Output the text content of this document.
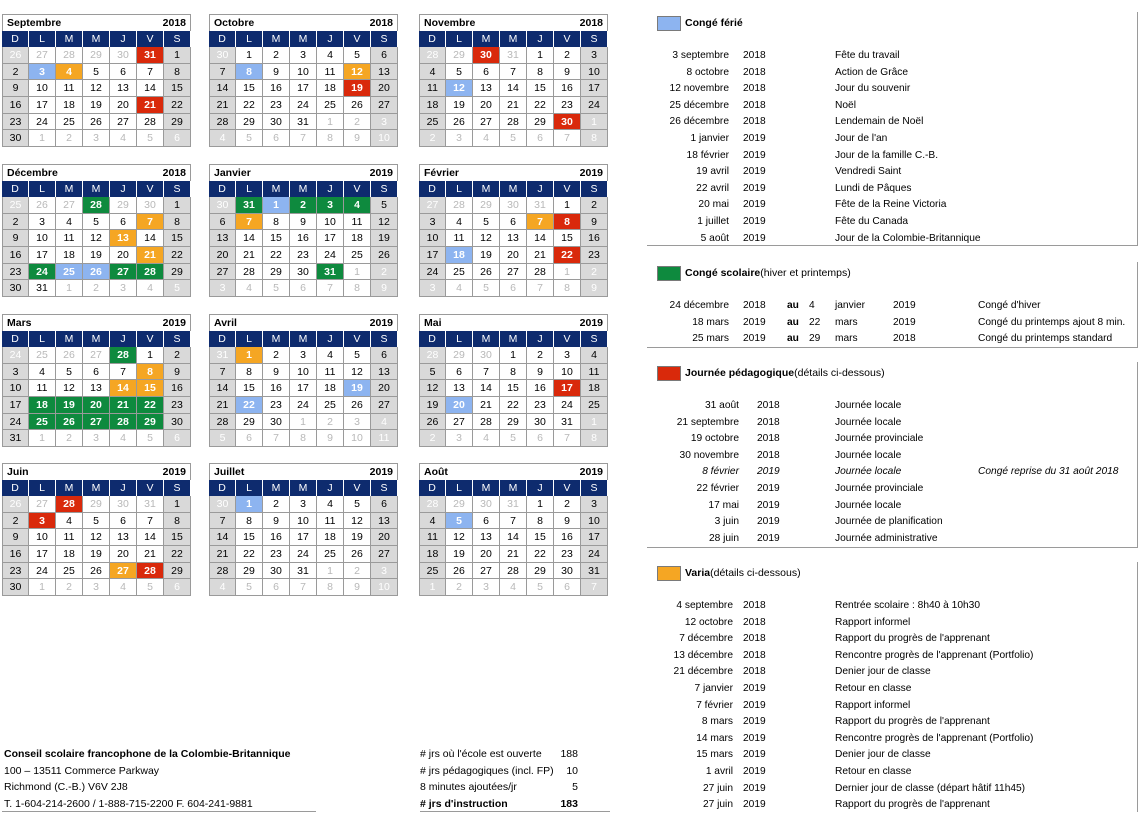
Septembre	2018
D	L	M	M	J	V	S
26	27	28	29	30	31	1
2	3	4	5	6	7	8
9	10	11	12	13	14	15
16	17	18	19	20	21	22
23	24	25	26	27	28	29
30	1	2	3	4	5	6
Octobre	2018
D	L	M	M	J	V	S
30	1	2	3	4	5	6
7	8	9	10	11	12	13
14	15	16	17	18	19	20
21	22	23	24	25	26	27
28	29	30	31	1	2	3
4	5	6	7	8	9	10
Novembre	2018
D	L	M	M	J	V	S
28	29	30	31	1	2	3
4	5	6	7	8	9	10
11	12	13	14	15	16	17
18	19	20	21	22	23	24
25	26	27	28	29	30	1
2	3	4	5	6	7	8
Décembre	2018
D	L	M	M	J	V	S
25	26	27	28	29	30	1
2	3	4	5	6	7	8
9	10	11	12	13	14	15
16	17	18	19	20	21	22
23	24	25	26	27	28	29
30	31	1	2	3	4	5
Janvier	2019
D	L	M	M	J	V	S
30	31	1	2	3	4	5
6	7	8	9	10	11	12
13	14	15	16	17	18	19
20	21	22	23	24	25	26
27	28	29	30	31	1	2
3	4	5	6	7	8	9
Février	2019
D	L	M	M	J	V	S
27	28	29	30	31	1	2
3	4	5	6	7	8	9
10	11	12	13	14	15	16
17	18	19	20	21	22	23
24	25	26	27	28	1	2
3	4	5	6	7	8	9
Mars	2019
D	L	M	M	J	V	S
24	25	26	27	28	1	2
3	4	5	6	7	8	9
10	11	12	13	14	15	16
17	18	19	20	21	22	23
24	25	26	27	28	29	30
31	1	2	3	4	5	6
Avril	2019
D	L	M	M	J	V	S
31	1	2	3	4	5	6
7	8	9	10	11	12	13
14	15	16	17	18	19	20
21	22	23	24	25	26	27
28	29	30	1	2	3	4
5	6	7	8	9	10	11
Mai	2019
D	L	M	M	J	V	S
28	29	30	1	2	3	4
5	6	7	8	9	10	11
12	13	14	15	16	17	18
19	20	21	22	23	24	25
26	27	28	29	30	31	1
2	3	4	5	6	7	8
Juin	2019
D	L	M	M	J	V	S
26	27	28	29	30	31	1
2	3	4	5	6	7	8
9	10	11	12	13	14	15
16	17	18	19	20	21	22
23	24	25	26	27	28	29
30	1	2	3	4	5	6
Juillet	2019
D	L	M	M	J	V	S
30	1	2	3	4	5	6
7	8	9	10	11	12	13
14	15	16	17	18	19	20
21	22	23	24	25	26	27
28	29	30	31	1	2	3
4	5	6	7	8	9	10
Août	2019
D	L	M	M	J	V	S
28	29	30	31	1	2	3
4	5	6	7	8	9	10
11	12	13	14	15	16	17
18	19	20	21	22	23	24
25	26	27	28	29	30	31
1	2	3	4	5	6	7
Congé férié
3 septembre 2018	Fête du travail
8 octobre 2018	Action de Grâce
12 novembre 2018	Jour du souvenir
25 décembre 2018	Noël
26 décembre 2018	Lendemain de Noël
1 janvier 2019	Jour de l'an
18 février 2019	Jour de la famille C.-B.
19 avril 2019	Vendredi Saint
22 avril 2019	Lundi de Pâques
20 mai 2019	Fête de la Reine Victoria
1 juillet 2019	Fête du Canada
5 août 2019	Jour de la Colombie-Britannique
Congé scolaire (hiver et printemps)
24 décembre 2018 au 4 janvier	2019	Congé d'hiver
18 mars 2019 au 22 mars	2019	Congé du printemps ajout 8 min.
25 mars 2019 au 29 mars	2018	Congé du printemps standard
Journée pédagogique (détails ci-dessous)
31 août 2018	Journée locale
21 septembre 2018	Journée locale
19 octobre 2018	Journée provinciale
30 novembre 2018	Journée locale
8 février 2019	Journée locale	Congé reprise du 31 août 2018
22 février 2019	Journée provinciale
17 mai 2019	Journée locale
3 juin 2019	Journée de planification
28 juin 2019	Journée administrative
Varia (détails ci-dessous)
4 septembre 2018	Rentrée scolaire : 8h40 à 10h30
12 octobre 2018	Rapport informel
7 décembre 2018	Rapport du progrès de l'apprenant
13 décembre 2018	Rencontre progrès de l'apprenant (Portfolio)
21 décembre 2018	Denier jour de classe
7 janvier 2019	Retour en classe
7 février 2019	Rapport informel
8 mars 2019	Rapport du progrès de l'apprenant
14 mars 2019	Rencontre progrès de l'apprenant (Portfolio)
15 mars 2019	Denier jour de classe
1 avril 2019	Retour en classe
27 juin 2019	Dernier jour de classe (départ hâtif 11h45)
27 juin 2019	Rapport du progrès de l'apprenant
Conseil scolaire francophone de la Colombie-Britannique
100 – 13511 Commerce Parkway
Richmond (C.-B.) V6V 2J8
T. 1-604-214-2600 / 1-888-715-2200 F. 604-241-9881
# jrs où l'école est ouverte 188
# jrs pédagogiques (incl. FP) 10
8 minutes ajoutées/jr	5
# jrs d'instruction	183
